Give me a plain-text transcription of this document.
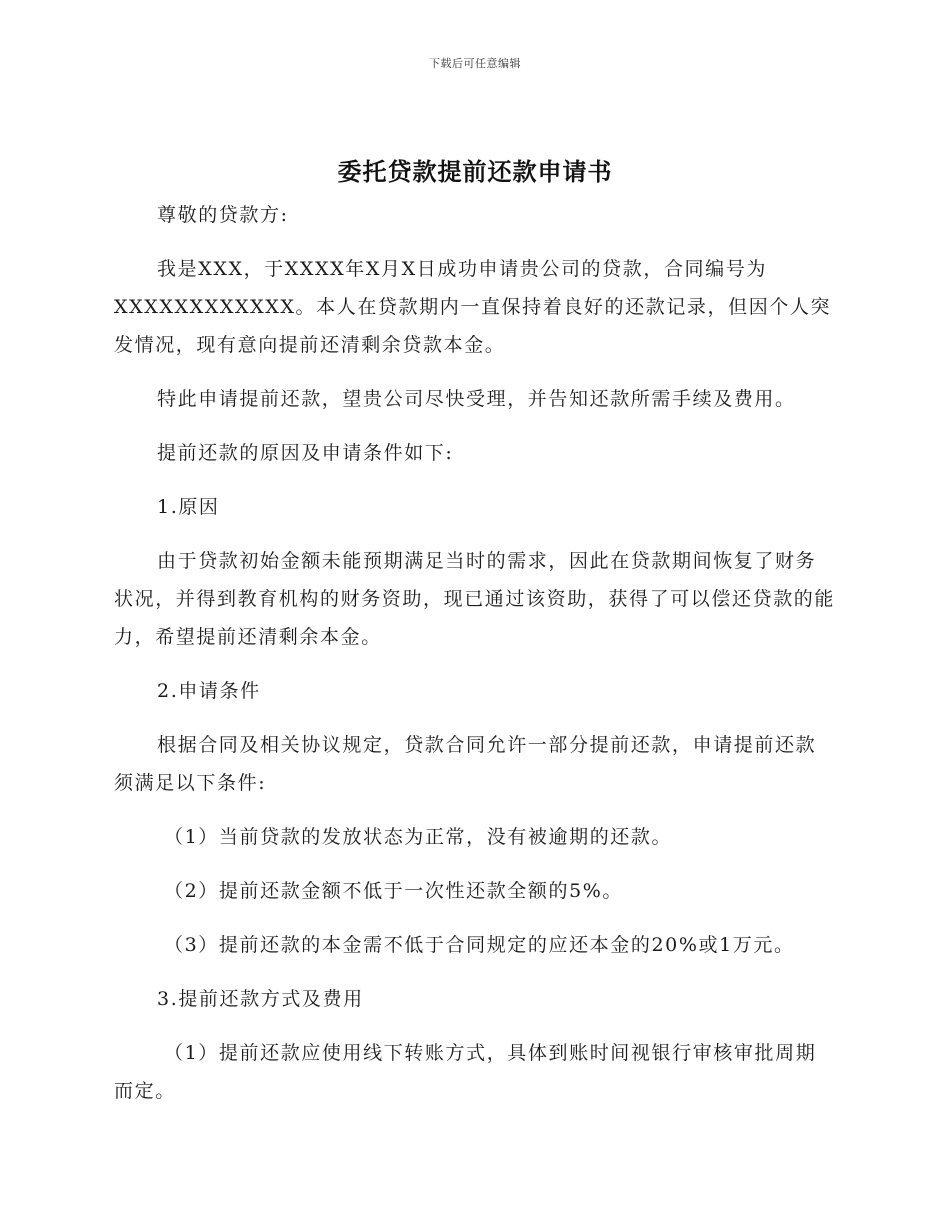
下载后可任意编辑
委托贷款提前还款申请书

尊敬的贷款方:

我是XXX，于XXXX年X月X日成功申请贵公司的贷款，合同编号为XXXXXXXXXXXX。本人在贷款期内一直保持着良好的还款记录，但因个人突发情况，现有意向提前还清剩余贷款本金。

特此申请提前还款，望贵公司尽快受理，并告知还款所需手续及费用。

提前还款的原因及申请条件如下:

1.原因

由于贷款初始金额未能预期满足当时的需求，因此在贷款期间恢复了财务状况，并得到教育机构的财务资助，现已通过该资助，获得了可以偿还贷款的能力，希望提前还清剩余本金。

2.申请条件

根据合同及相关协议规定，贷款合同允许一部分提前还款，申请提前还款须满足以下条件:

（1）当前贷款的发放状态为正常，没有被逾期的还款。

（2）提前还款金额不低于一次性还款全额的5%。

（3）提前还款的本金需不低于合同规定的应还本金的20%或1万元。

3.提前还款方式及费用

（1）提前还款应使用线下转账方式，具体到账时间视银行审核审批周期而定。
